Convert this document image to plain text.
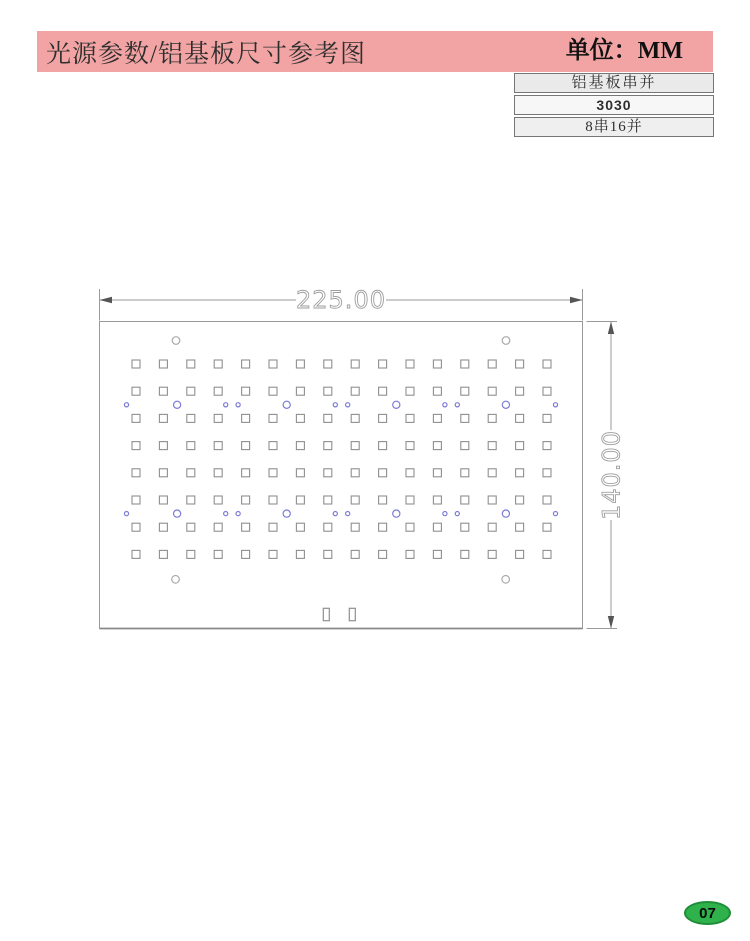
光源参数/铝基板尺寸参考图	单位：MM
铝基板串并
3030
8串16并
225.00
140.00
07
